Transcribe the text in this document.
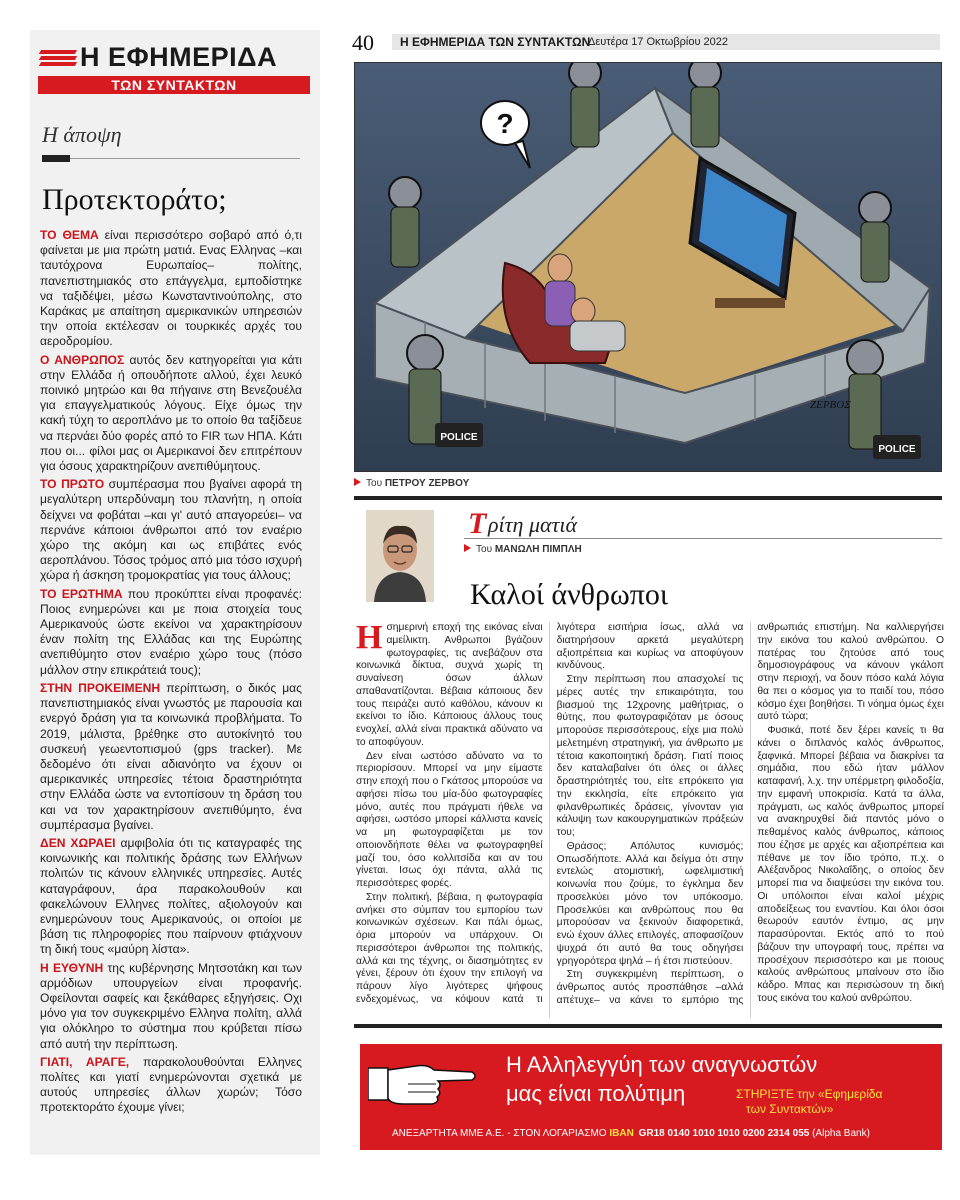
Η ΕΦΗΜΕΡΙΔΑ
ΤΩΝ ΣΥΝΤΑΚΤΩΝ
Η άποψη
Προτεκτοράτο;

ΤΟ ΘΕΜΑ είναι περισσότερο σοβαρό από ό,τι φαίνεται με μια πρώτη ματιά. Ενας Ελληνας –και ταυτόχρονα Ευρωπαίος– πολίτης, πανεπιστημιακός στο επάγγελμα, εμποδίστηκε να ταξιδέψει, μέσω Κωνσταντινούπολης, στο Καράκας με απαίτηση αμερικανικών υπηρεσιών την οποία εκτέλεσαν οι τουρκικές αρχές του αεροδρομίου.

Ο ΑΝΘΡΩΠΟΣ αυτός δεν κατηγορείται για κάτι στην Ελλάδα ή οπουδήποτε αλλού, έχει λευκό ποινικό μητρώο και θα πήγαινε στη Βενεζουέλα για επαγγελματικούς λόγους. Είχε όμως την κακή τύχη το αεροπλάνο με το οποίο θα ταξίδευε να περνάει δύο φορές από το FIR των ΗΠΑ. Κάτι που οι... φίλοι μας οι Αμερικανοί δεν επιτρέπουν για όσους χαρακτηρίζουν ανεπιθύμητους.

ΤΟ ΠΡΩΤΟ συμπέρασμα που βγαίνει αφορά τη μεγαλύτερη υπερδύναμη του πλανήτη, η οποία δείχνει να φοβάται –και γι' αυτό απαγορεύει– να περνάνε κάποιοι άνθρωποι από τον εναέριο χώρο της ακόμη και ως επιβάτες ενός αεροπλάνου. Τόσος τρόμος από μια τόσο ισχυρή χώρα ή άσκηση τρομοκρατίας για τους άλλους;

ΤΟ ΕΡΩΤΗΜΑ που προκύπτει είναι προφανές: Ποιος ενημερώνει και με ποια στοιχεία τους Αμερικανούς ώστε εκείνοι να χαρακτηρίσουν έναν πολίτη της Ελλάδας και της Ευρώπης ανεπιθύμητο στον εναέριο χώρο τους (πόσο μάλλον στην επικράτειά τους);

ΣΤΗΝ ΠΡΟΚΕΙΜΕΝΗ περίπτωση, ο δικός μας πανεπιστημιακός είναι γνωστός με παρουσία και ενεργό δράση για τα κοινωνικά προβλήματα. Το 2019, μάλιστα, βρέθηκε στο αυτοκίνητό του συσκευή γεωεντοπισμού (gps tracker). Με δεδομένο ότι είναι αδιανόητο να έχουν οι αμερικανικές υπηρεσίες τέτοια δραστηριότητα στην Ελλάδα ώστε να εντοπίσουν τη δράση του και να τον χαρακτηρίσουν ανεπιθύμητο, ένα συμπέρασμα βγαίνει.

ΔΕΝ ΧΩΡΑΕΙ αμφιβολία ότι τις καταγραφές της κοινωνικής και πολιτικής δράσης των Ελλήνων πολιτών τις κάνουν ελληνικές υπηρεσίες. Αυτές καταγράφουν, άρα παρακολουθούν και φακελώνουν Ελληνες πολίτες, αξιολογούν και ενημερώνουν τους Αμερικανούς, οι οποίοι με βάση τις πληροφορίες που παίρνουν φτιάχνουν τη δική τους «μαύρη λίστα».

Η ΕΥΘΥΝΗ της κυβέρνησης Μητσοτάκη και των αρμόδιων υπουργείων είναι προφανής. Οφείλονται σαφείς και ξεκάθαρες εξηγήσεις. Οχι μόνο για τον συγκεκριμένο Ελληνα πολίτη, αλλά για ολόκληρο το σύστημα που κρύβεται πίσω από αυτή την περίπτωση.

ΓΙΑΤΙ, ΑΡΑΓΕ, παρακολουθούνται Ελληνες πολίτες και γιατί ενημερώνονται σχετικά με αυτούς υπηρεσίες άλλων χωρών; Τόσο προτεκτοράτο έχουμε γίνει;

40 Η ΕΦΗΜΕΡΙΔΑ ΤΩΝ ΣΥΝΤΑΚΤΩΝ
Δευτέρα 17 Οκτωβρίου 2022
?
POLICE
POLICE
ΖΕΡΒΟΣ
Του ΠΕΤΡΟΥ ΖΕΡΒΟΥ
Τ ρίτη ματιά
Του ΜΑΝΩΛΗ ΠΙΜΠΛΗ
Καλοί άνθρωποι

Η σημερινή εποχή της εικόνας είναι αμείλικτη. Ανθρωποι βγάζουν φωτογραφίες, τις ανεβάζουν στα κοινωνικά δίκτυα, συχνά χωρίς τη συναίνεση όσων άλλων απαθανατίζονται. Βέβαια κάποιους δεν τους πειράζει αυτό καθόλου, κάνουν κι εκείνοι το ίδιο. Κάποιους άλλους τους ενοχλεί, αλλά είναι πρακτικά αδύνατο να το αποφύγουν.

Δεν είναι ωστόσο αδύνατο να το περιορίσουν. Μπορεί να μην είμαστε στην εποχή που ο Γκάτσος μπορούσε να αφήσει πίσω του μία-δύο φωτογραφίες μόνο, αυτές που πράγματι ήθελε να αφήσει, ωστόσο μπορεί κάλλιστα κανείς να μη φωτογραφίζεται με τον οποιονδήποτε θέλει να φωτογραφηθεί μαζί του, όσο κολλιτσίδα και αν του γίνεται. Ισως όχι πάντα, αλλά τις περισσότερες φορές.

Στην πολιτική, βέβαια, η φωτογραφία ανήκει στο σύμπαν του εμπορίου των κοινωνικών σχέσεων. Και πάλι όμως, όρια μπορούν να υπάρχουν. Οι περισσότεροι άνθρωποι της πολιτικής, αλλά και της τέχνης, οι διασημότητες εν γένει, ξέρουν ότι έχουν την επιλογή να πάρουν λίγο λιγότερες ψήφους ενδεχομένως, να κόψουν κατά τι λιγότερα εισιτήρια ίσως, αλλά να διατηρήσουν αρκετά μεγαλύτερη αξιοπρέπεια και κυρίως να αποφύγουν κινδύνους.

Στην περίπτωση που απασχολεί τις μέρες αυτές την επικαιρότητα, του βιασμού της 12χρονης μαθήτριας, ο θύτης, που φωτογραφιζόταν με όσους μπορούσε περισσότερους, είχε μια πολύ μελετημένη στρατηγική, για άνθρωπο με τέτοια κακοποιητική δράση. Γιατί ποιος δεν καταλαβαίνει ότι όλες οι άλλες δραστηριότητές του, είτε επρόκειτο για την εκκλησία, είτε επρόκειτο για φιλανθρωπικές δράσεις, γίνονταν για κάλυψη των κακουργηματικών πράξεών του;

Θράσος; Απόλυτος κυνισμός; Οπωσδήποτε. Αλλά και δείγμα ότι στην εντελώς ατομιστική, ωφελιμιστική κοινωνία που ζούμε, το έγκλημα δεν προσελκύει μόνο τον υπόκοσμο. Προσελκύει και ανθρώπους που θα μπορούσαν να ξεκινούν διαφορετικά, ενώ έχουν άλλες επιλογές, αποφασίζουν ψυχρά ότι αυτό θα τους οδηγήσει γρηγορότερα ψηλά – ή έτσι πιστεύουν.

Στη συγκεκριμένη περίπτωση, ο άνθρωπος αυτός προσπάθησε –αλλά απέτυχε– να κάνει το εμπόριο της ανθρωπιάς επιστήμη. Να καλλιεργήσει την εικόνα του καλού ανθρώπου. Ο πατέρας του ζητούσε από τους δημοσιογράφους να κάνουν γκάλοπ στην περιοχή, να δουν πόσο καλά λόγια θα πει ο κόσμος για το παιδί του, πόσο κόσμο έχει βοηθήσει. Τι νόημα όμως έχει αυτό τώρα;

Φυσικά, ποτέ δεν ξέρει κανείς τι θα κάνει ο διπλανός καλός άνθρωπος, ξαφνικά. Μπορεί βέβαια να διακρίνει τα σημάδια, που εδώ ήταν μάλλον καταφανή, λ.χ. την υπέρμετρη φιλοδοξία, την εμφανή υποκρισία. Κατά τα άλλα, πράγματι, ως καλός άνθρωπος μπορεί να ανακηρυχθεί διά παντός μόνο ο πεθαμένος καλός άνθρωπος, κάποιος που έζησε με αρχές και αξιοπρέπεια και πέθανε με τον ίδιο τρόπο, π.χ. ο Αλέξανδρος Νικολαΐδης, ο οποίος δεν μπορεί πια να διαψεύσει την εικόνα του. Οι υπόλοιποι είναι καλοί μέχρις αποδείξεως του εναντίου. Και όλοι όσοι θεωρούν εαυτόν έντιμο, ας μην παρασύρονται. Εκτός από το πού βάζουν την υπογραφή τους, πρέπει να προσέχουν περισσότερο και με ποιους καλούς ανθρώπους μπαίνουν στο ίδιο κάδρο. Μπας και περισώσουν τη δική τους εικόνα του καλού ανθρώπου.

Η Αλληλεγγύη των αναγνωστών
μας είναι πολύτιμη	ΣΤΗΡΙΞΤΕ την «Εφημερίδα
των Συντακτών»
ΑΝΕΞΑΡΤΗΤΑ ΜΜΕ Α.Ε. - ΣΤΟΝ ΛΟΓΑΡΙΑΣΜΟ IBAN GR18 0140 1010 1010 0200 2314 055 (Alpha Bank)
